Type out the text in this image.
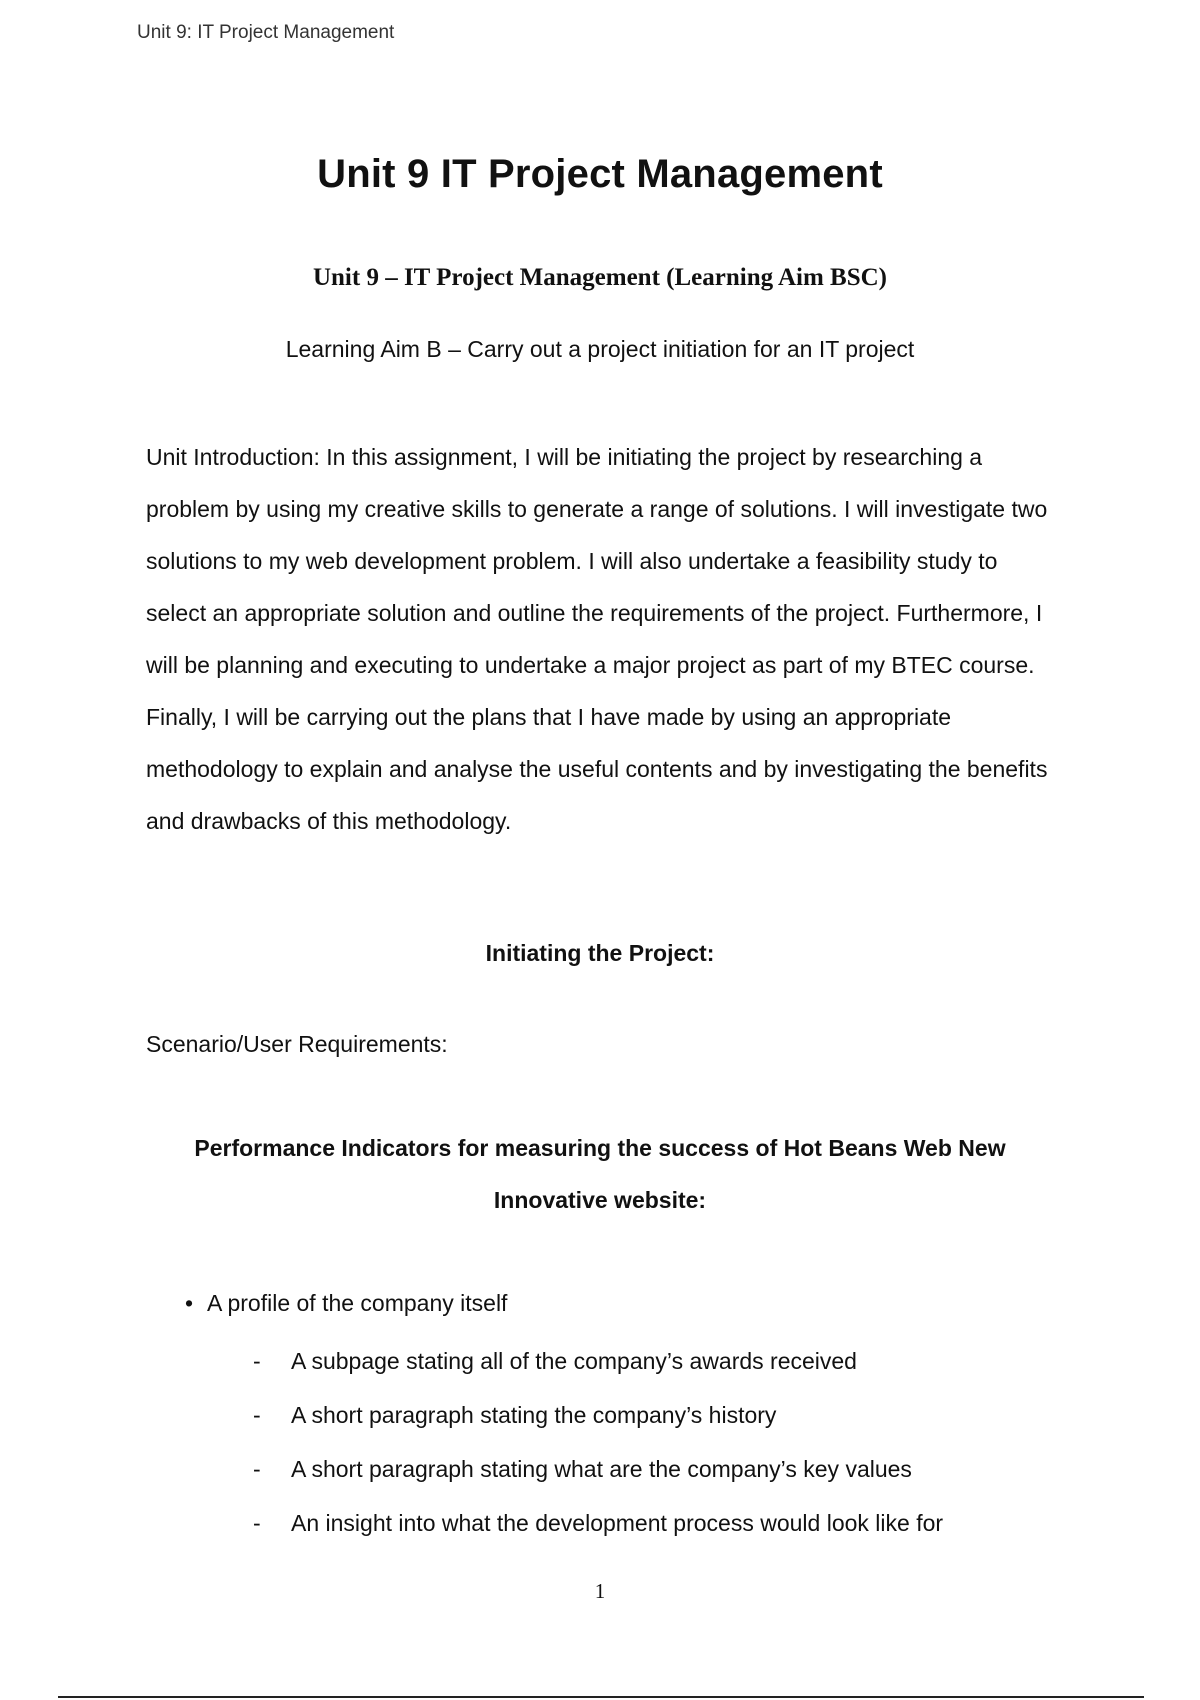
Unit 9: IT Project Management
Unit 9 IT Project Management
Unit 9 – IT Project Management (Learning Aim BSC)
Learning Aim B – Carry out a project initiation for an IT project

Unit Introduction: In this assignment, I will be initiating the project by researching a problem by using my creative skills to generate a range of solutions. I will investigate two solutions to my web development problem. I will also undertake a feasibility study to select an appropriate solution and outline the requirements of the project. Furthermore, I will be planning and executing to undertake a major project as part of my BTEC course. Finally, I will be carrying out the plans that I have made by using an appropriate methodology to explain and analyse the useful contents and by investigating the benefits and drawbacks of this methodology.

Initiating the Project:
Scenario/User Requirements:
Performance Indicators for measuring the success of Hot Beans Web New Innovative website:
• A profile of the company itself
- A subpage stating all of the company’s awards received
- A short paragraph stating the company’s history
- A short paragraph stating what are the company’s key values
- An insight into what the development process would look like for
1
